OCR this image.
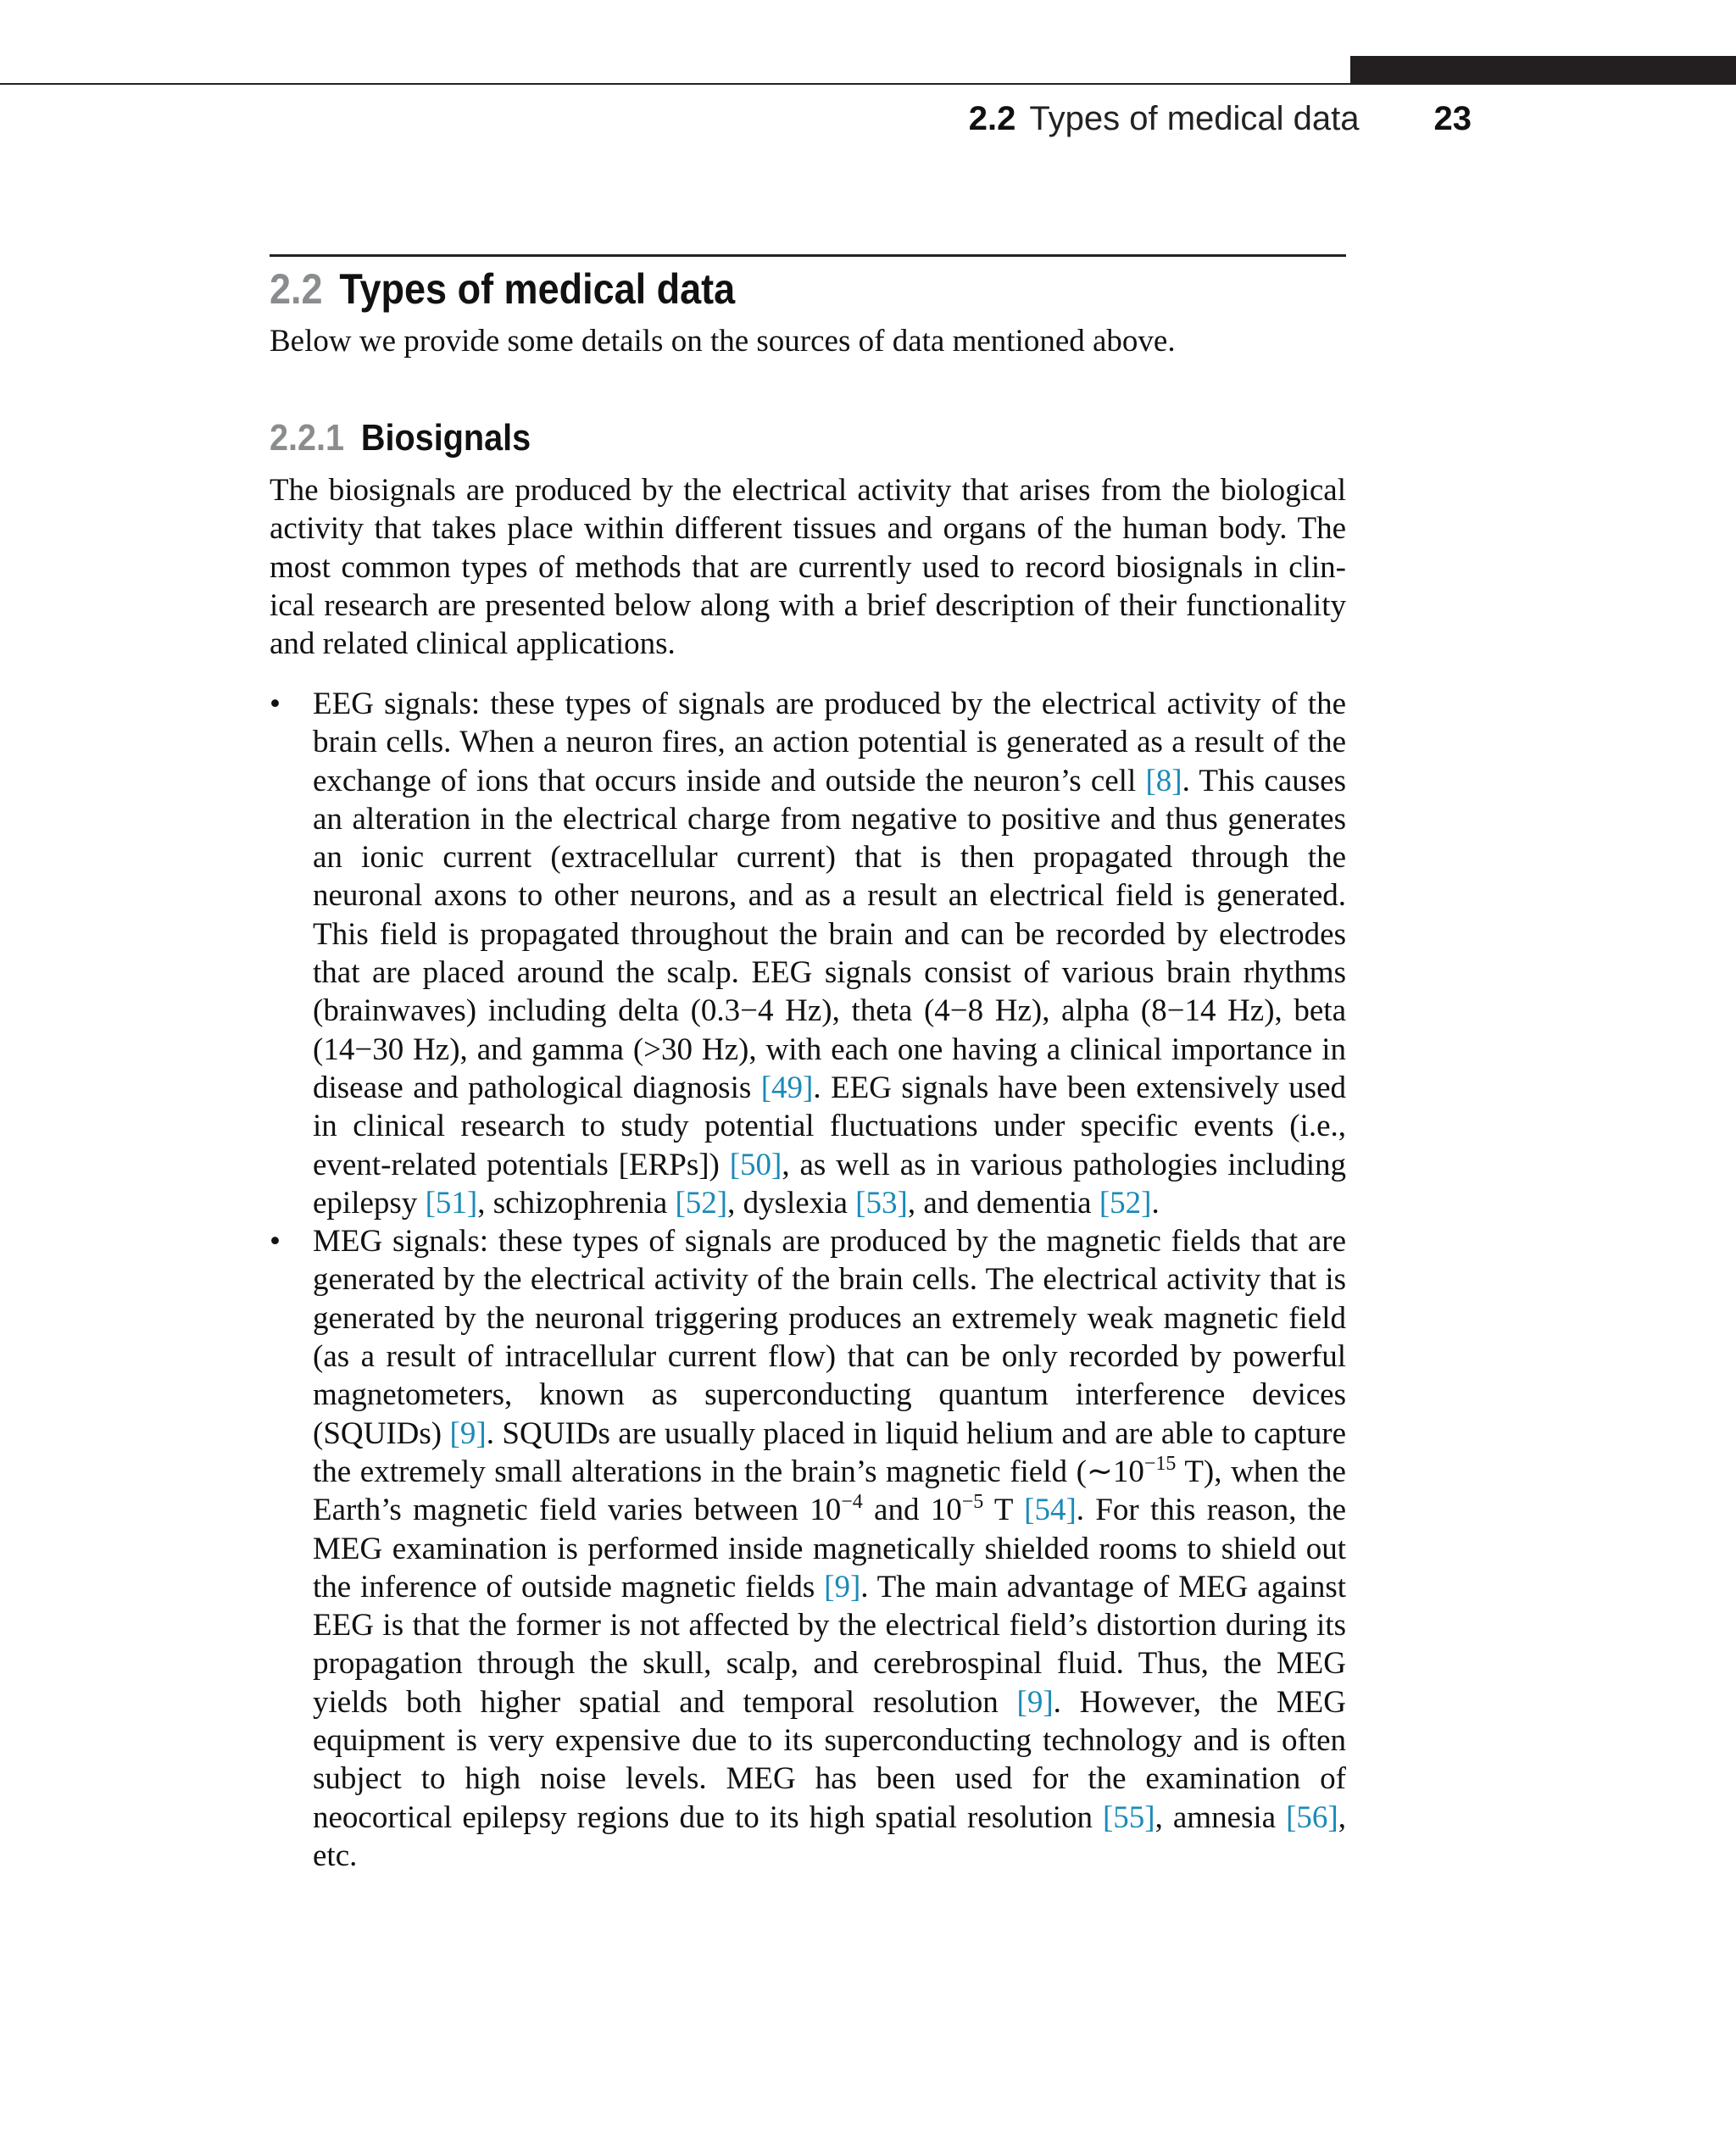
2.2 Types of medical data 23
2.2 Types of medical data
Below we provide some details on the sources of data mentioned above.
2.2.1 Biosignals
The biosignals are produced by the electrical activity that arises from the biological activity that takes place within different tissues and organs of the human body. The most common types of methods that are currently used to record biosignals in clin-ical research are presented below along with a brief description of their functionality and related clinical applications.
•	EEG signals: these types of signals are produced by the electrical activity of the brain cells. When a neuron fires, an action potential is generated as a result of the exchange of ions that occurs inside and outside the neuron’s cell [8]. This causes an alteration in the electrical charge from negative to positive and thus generates an ionic current (extracellular current) that is then propagated through the neuronal axons to other neurons, and as a result an electrical field is generated. This field is propagated throughout the brain and can be recorded by electrodes that are placed around the scalp. EEG signals consist of various brain rhythms (brainwaves) including delta (0.3−4 Hz), theta (4−8 Hz), alpha (8−14 Hz), beta (14−30 Hz), and gamma (>30 Hz), with each one having a clinical importance in disease and pathological diagnosis [49]. EEG signals have been extensively used in clinical research to study potential fluctuations under specific events (i.e., event-related potentials [ERPs]) [50], as well as in various pathologies including epilepsy [51], schizophrenia [52], dyslexia [53], and dementia [52].
•	MEG signals: these types of signals are produced by the magnetic fields that are generated by the electrical activity of the brain cells. The electrical activity that is generated by the neuronal triggering produces an extremely weak magnetic field (as a result of intracellular current flow) that can be only recorded by powerful magnetometers, known as superconducting quantum interference devices (SQUIDs) [9]. SQUIDs are usually placed in liquid helium and are able to capture the extremely small alterations in the brain’s magnetic field ($\sim 10^{-15}$ T), when the Earth’s magnetic field varies between $10^{-4}$ and $10^{-5}$ T [54]. For this reason, the MEG examination is performed inside magnetically shielded rooms to shield out the inference of outside magnetic fields [9]. The main advantage of MEG against EEG is that the former is not affected by the electrical field’s distortion during its propagation through the skull, scalp, and cerebrospinal fluid. Thus, the MEG yields both higher spatial and temporal resolution [9]. However, the MEG equipment is very expensive due to its superconducting technology and is often subject to high noise levels. MEG has been used for the examination of neocortical epilepsy regions due to its high spatial resolution [55], amnesia [56], etc.
